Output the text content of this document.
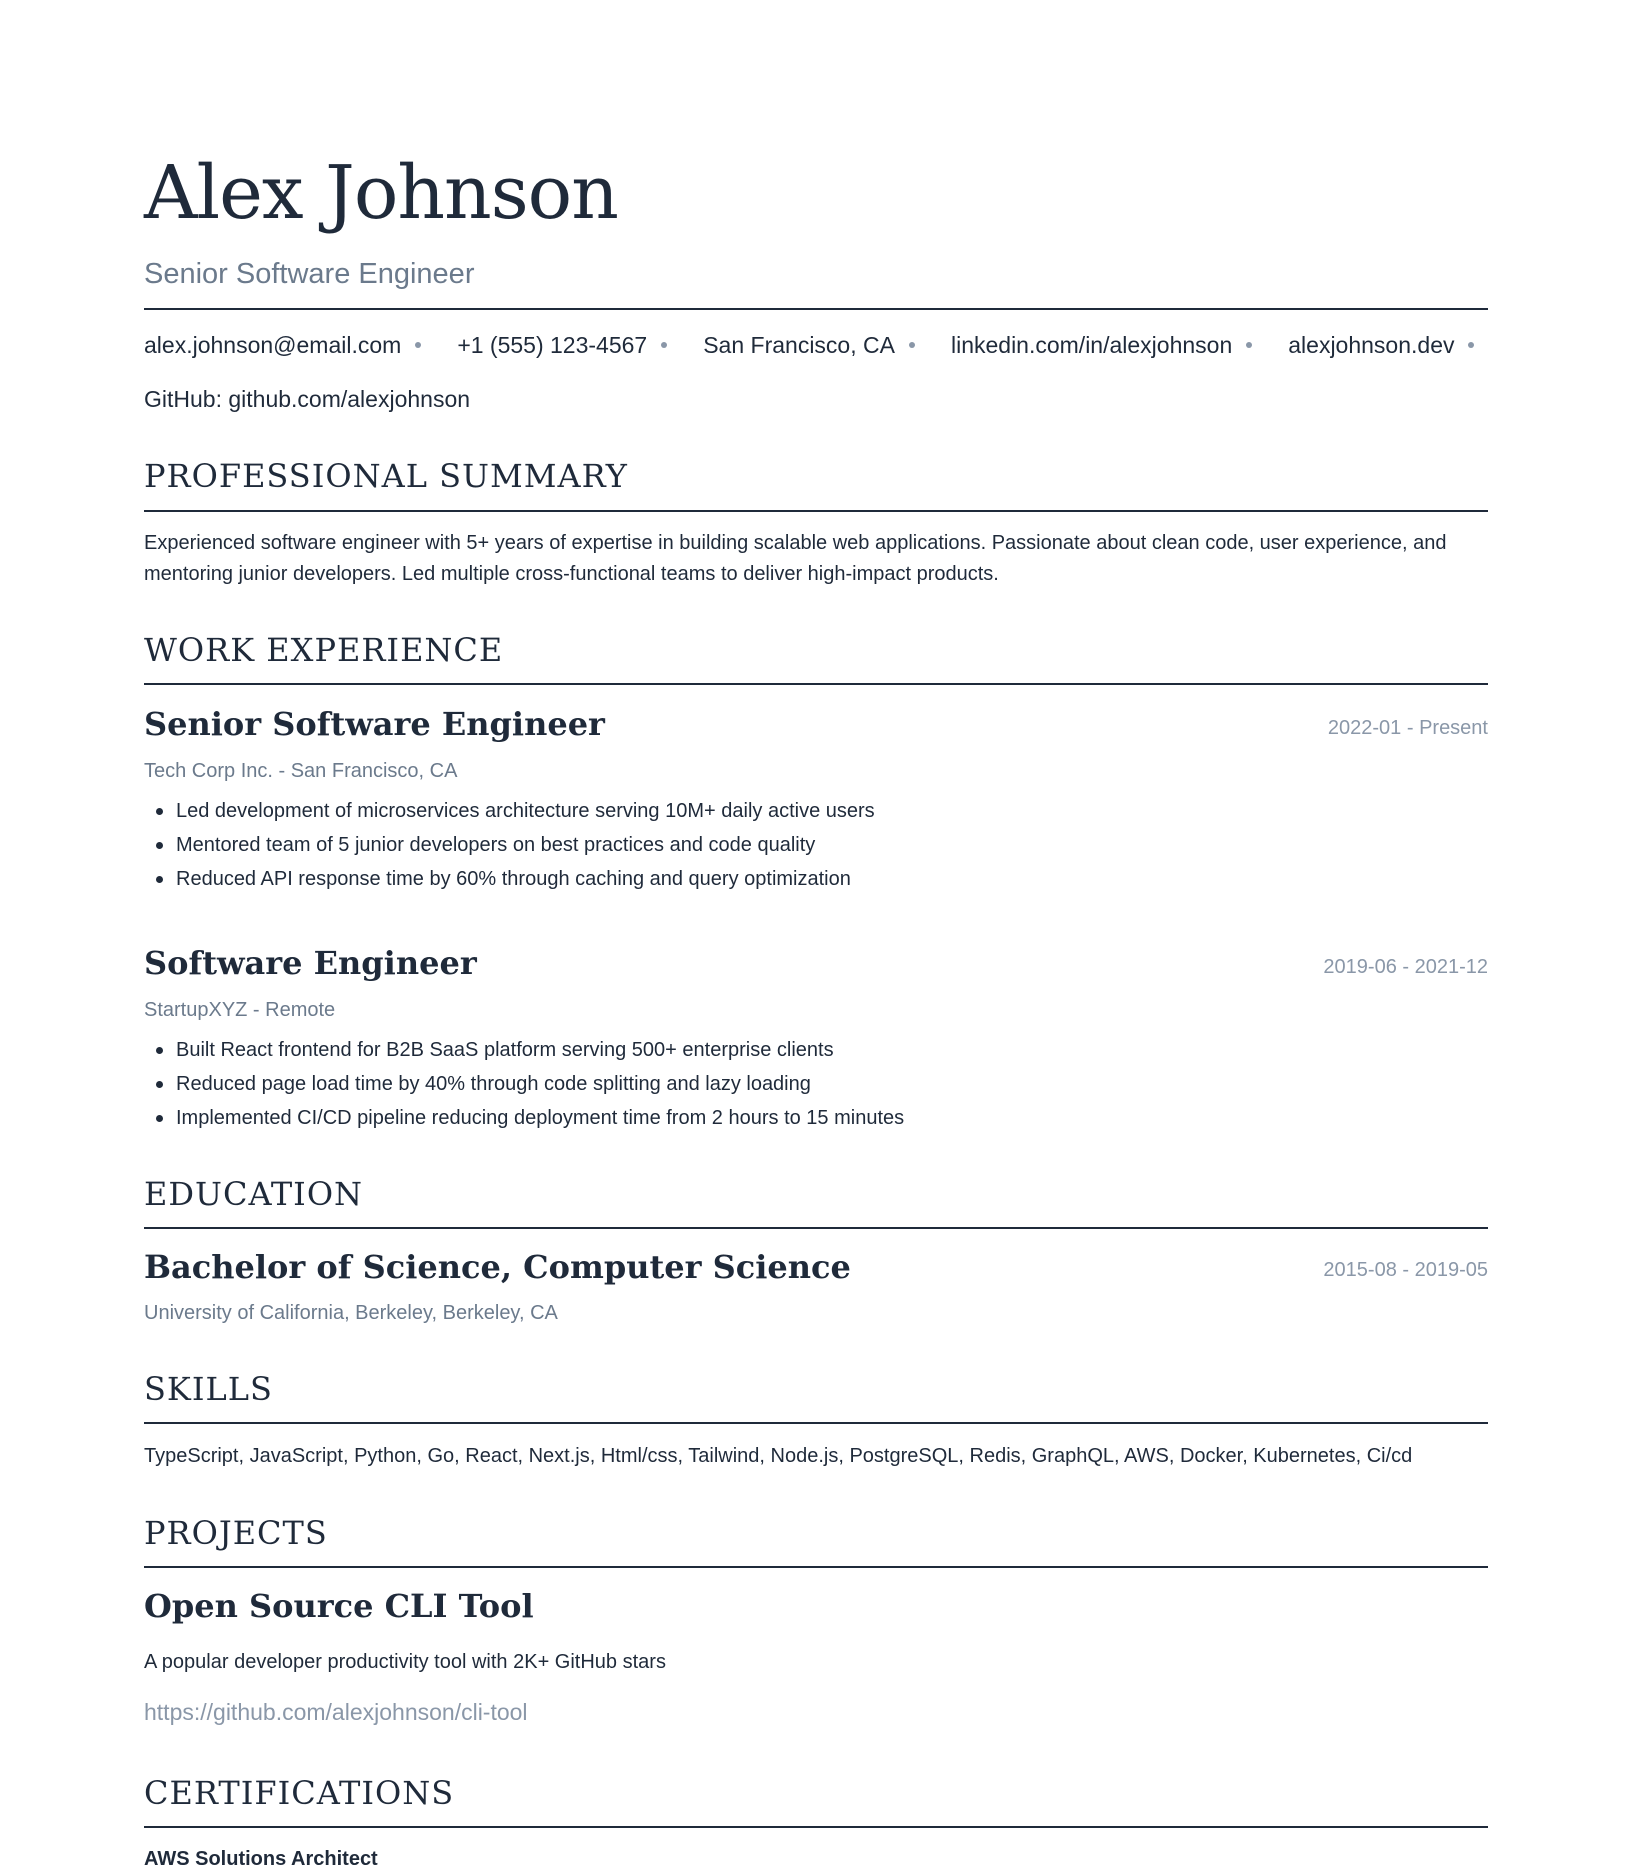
Alex Johnson
Senior Software Engineer
alex.johnson@email.com +1 (555) 123-4567 San Francisco, CA linkedin.com/in/alexjohnson alexjohnson.dev
GitHub: github.com/alexjohnson
PROFESSIONAL SUMMARY
Experienced software engineer with 5+ years of expertise in building scalable web applications. Passionate about clean code, user experience, and mentoring junior developers. Led multiple cross-functional teams to deliver high-impact products.
WORK EXPERIENCE
Senior Software Engineer	2022-01 - Present
Tech Corp Inc. - San Francisco, CA
Led development of microservices architecture serving 10M+ daily active users
Mentored team of 5 junior developers on best practices and code quality
Reduced API response time by 60% through caching and query optimization
Software Engineer	2019-06 - 2021-12
StartupXYZ - Remote
Built React frontend for B2B SaaS platform serving 500+ enterprise clients
Reduced page load time by 40% through code splitting and lazy loading
Implemented CI/CD pipeline reducing deployment time from 2 hours to 15 minutes
EDUCATION
Bachelor of Science, Computer Science	2015-08 - 2019-05
University of California, Berkeley, Berkeley, CA
SKILLS
TypeScript, JavaScript, Python, Go, React, Next.js, Html/css, Tailwind, Node.js, PostgreSQL, Redis, GraphQL, AWS, Docker, Kubernetes, Ci/cd
PROJECTS
Open Source CLI Tool
A popular developer productivity tool with 2K+ GitHub stars
https://github.com/alexjohnson/cli-tool
CERTIFICATIONS
AWS Solutions Architect
